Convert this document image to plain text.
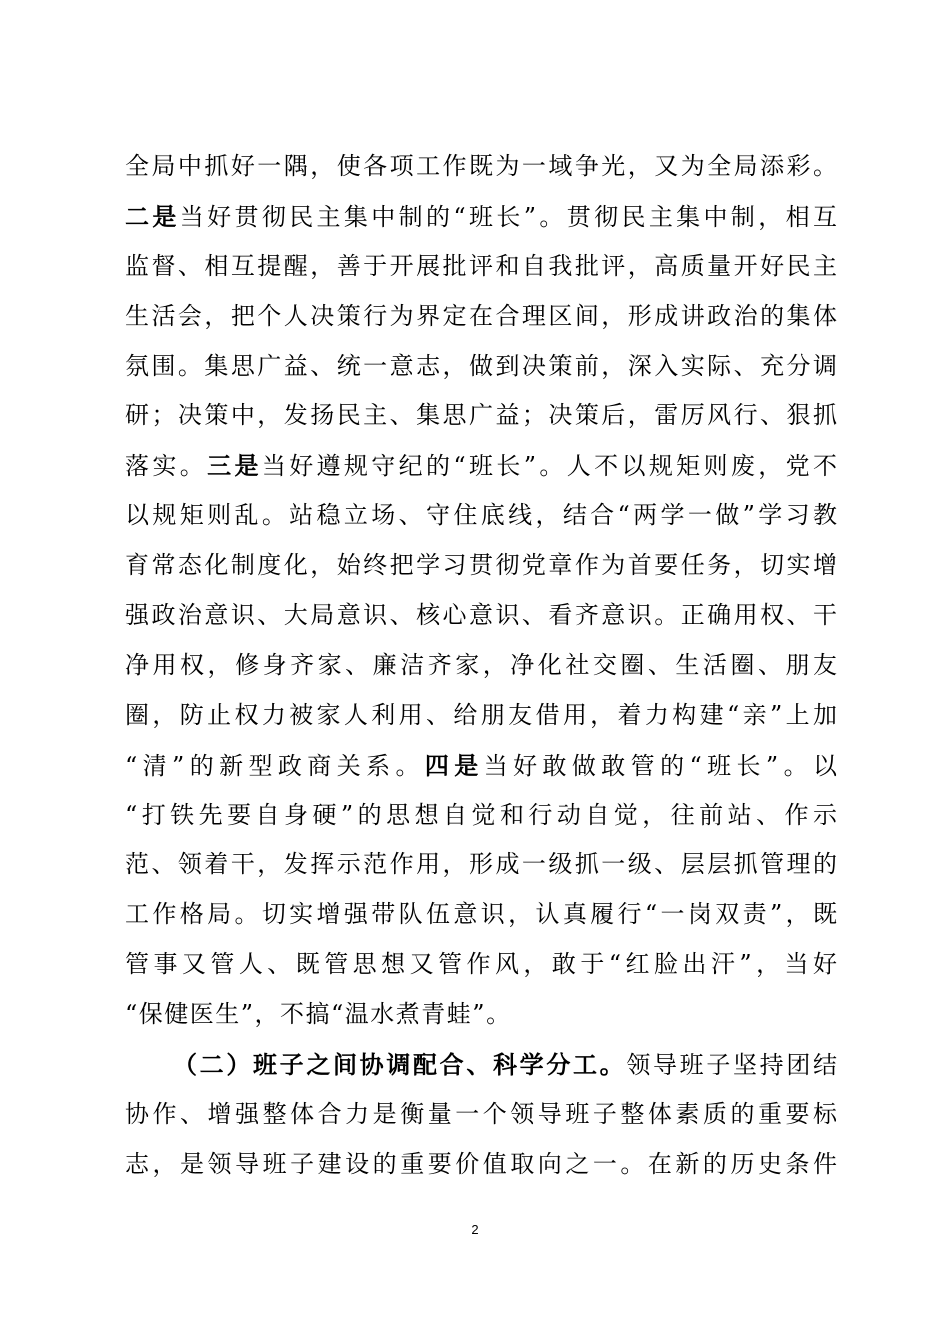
全局中抓好一隅，使各项工作既为一域争光，又为全局添彩。
二是当好贯彻民主集中制的“班长”。贯彻民主集中制，相互
监督、相互提醒，善于开展批评和自我批评，高质量开好民主
生活会，把个人决策行为界定在合理区间，形成讲政治的集体
氛围。集思广益、统一意志，做到决策前，深入实际、充分调
研；决策中，发扬民主、集思广益；决策后，雷厉风行、狠抓
落实。三是当好遵规守纪的“班长”。人不以规矩则废，党不
以规矩则乱。站稳立场、守住底线，结合“两学一做”学习教
育常态化制度化，始终把学习贯彻党章作为首要任务，切实增
强政治意识、大局意识、核心意识、看齐意识。正确用权、干
净用权，修身齐家、廉洁齐家，净化社交圈、生活圈、朋友
圈，防止权力被家人利用、给朋友借用，着力构建“亲”上加
“清”的新型政商关系。四是当好敢做敢管的“班长”。以
“打铁先要自身硬”的思想自觉和行动自觉，往前站、作示
范、领着干，发挥示范作用，形成一级抓一级、层层抓管理的
工作格局。切实增强带队伍意识，认真履行“一岗双责”，既
管事又管人、既管思想又管作风，敢于“红脸出汗”，当好
“保健医生”，不搞“温水煮青蛙”。
（二）班子之间协调配合、科学分工。领导班子坚持团结
协作、增强整体合力是衡量一个领导班子整体素质的重要标
志，是领导班子建设的重要价值取向之一。在新的历史条件
2
